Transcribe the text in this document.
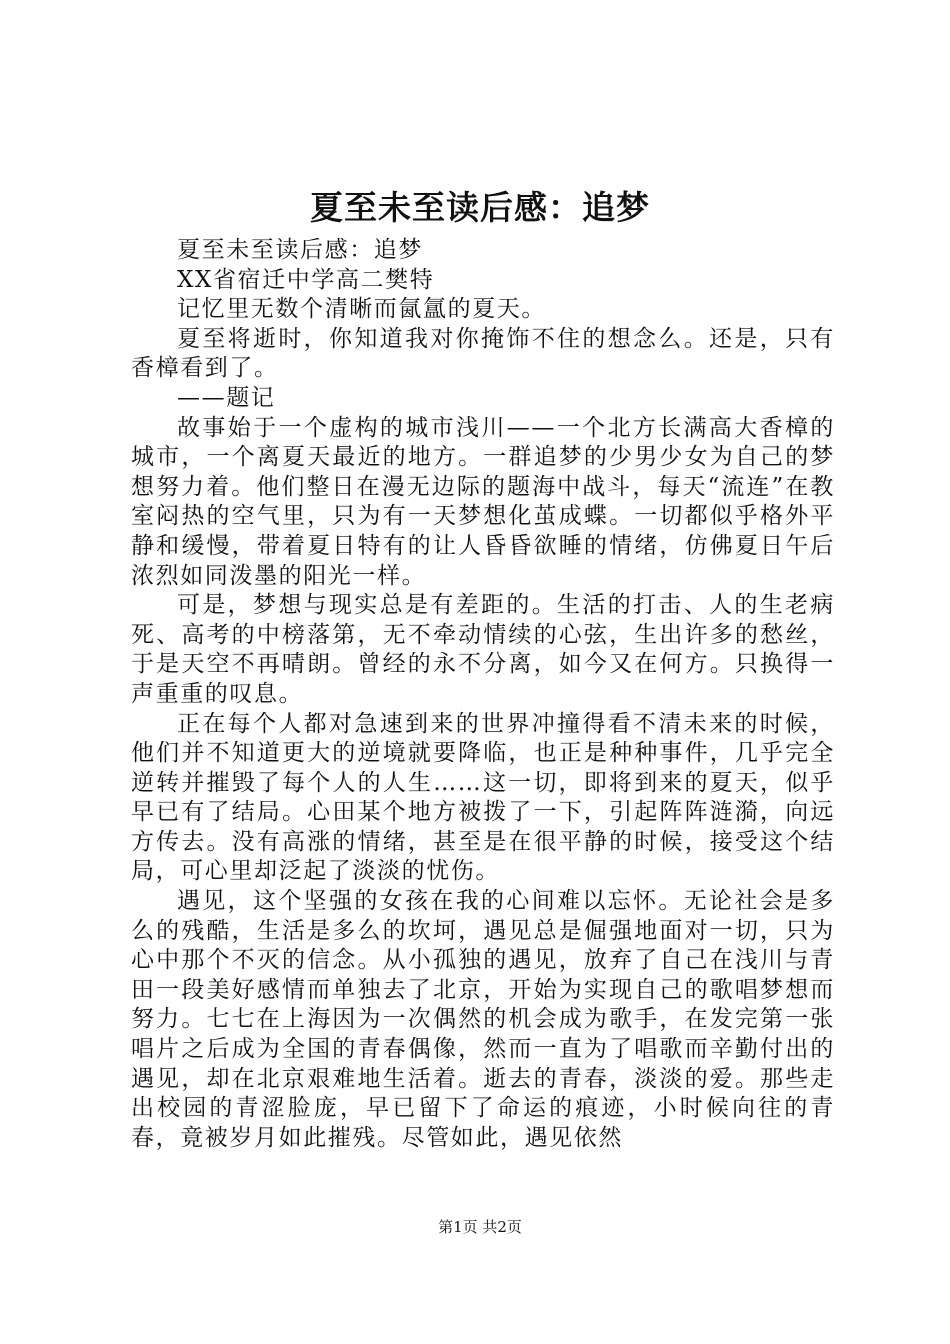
夏至未至读后感：追梦

夏至未至读后感：追梦

XX省宿迁中学高二樊特

记忆里无数个清晰而氤氲的夏天。

夏至将逝时，你知道我对你掩饰不住的想念么。还是，只有香樟看到了。

——题记

故事始于一个虚构的城市浅川——一个北方长满高大香樟的城市，一个离夏天最近的地方。一群追梦的少男少女为自己的梦想努力着。他们整日在漫无边际的题海中战斗，每天“流连”在教室闷热的空气里，只为有一天梦想化茧成蝶。一切都似乎格外平静和缓慢，带着夏日特有的让人昏昏欲睡的情绪，仿佛夏日午后浓烈如同泼墨的阳光一样。

可是，梦想与现实总是有差距的。生活的打击、人的生老病死、高考的中榜落第，无不牵动情续的心弦，生出许多的愁丝，于是天空不再晴朗。曾经的永不分离，如今又在何方。只换得一声重重的叹息。

正在每个人都对急速到来的世界冲撞得看不清未来的时候，他们并不知道更大的逆境就要降临，也正是种种事件，几乎完全逆转并摧毁了每个人的人生……这一切，即将到来的夏天，似乎早已有了结局。心田某个地方被拨了一下，引起阵阵涟漪，向远方传去。没有高涨的情绪，甚至是在很平静的时候，接受这个结局，可心里却泛起了淡淡的忧伤。

遇见，这个坚强的女孩在我的心间难以忘怀。无论社会是多么的残酷，生活是多么的坎坷，遇见总是倔强地面对一切，只为心中那个不灭的信念。从小孤独的遇见，放弃了自己在浅川与青田一段美好感情而单独去了北京，开始为实现自己的歌唱梦想而努力。七七在上海因为一次偶然的机会成为歌手，在发完第一张唱片之后成为全国的青春偶像，然而一直为了唱歌而辛勤付出的遇见，却在北京艰难地生活着。逝去的青春，淡淡的爱。那些走出校园的青涩脸庞，早已留下了命运的痕迹，小时候向往的青春，竟被岁月如此摧残。尽管如此，遇见依然

第1页 共2页
